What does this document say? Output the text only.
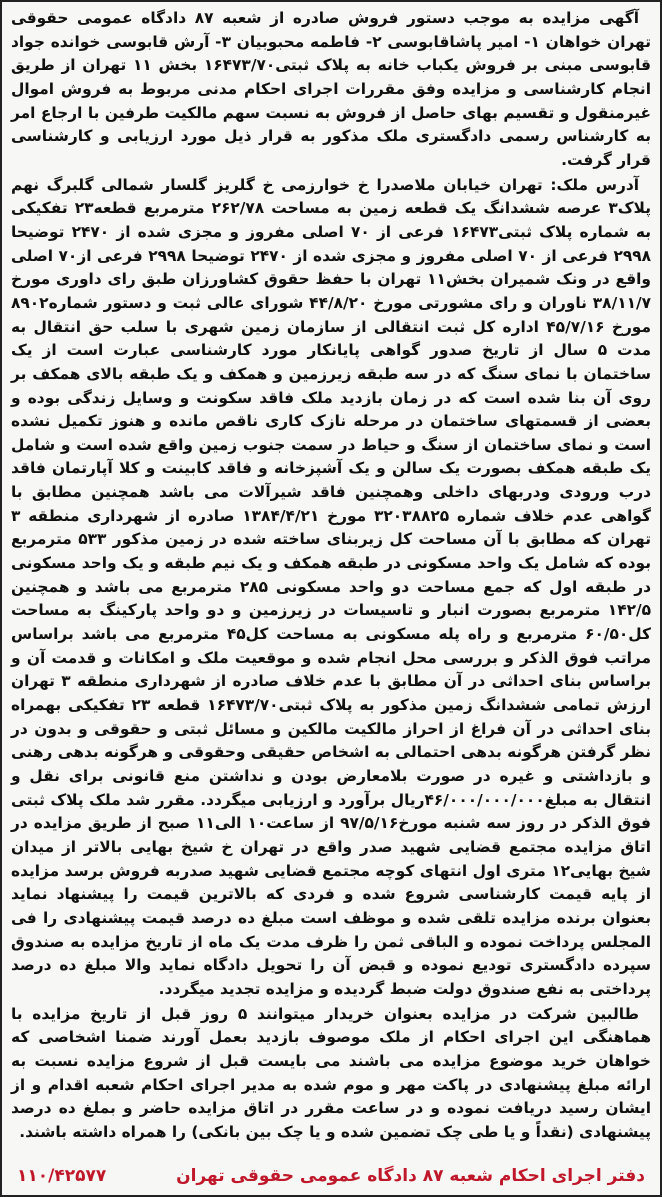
آگهی مزایده به موجب دستور فروش صادره از شعبه ۸۷ دادگاه عمومی حقوقی تهران خواهان ۱- امیر پاشاقابوسی ۲- فاطمه محبوبیان ۳- آرش قابوسی خوانده جواد قابوسی مبنی بر فروش یکباب خانه به پلاک ثبتی۱۶۴۷۳/۷۰ بخش ۱۱ تهران از طریق انجام کارشناسی و مزایده وفق مقررات اجرای احکام مدنی مربوط به فروش اموال غیرمنقول و تقسیم بهای حاصل از فروش به نسبت سهم مالکیت طرفین با ارجاع امر به کارشناس رسمی دادگستری ملک مذکور به قرار ذیل مورد ارزیابی و کارشناسی قرار گرفت.

آدرس ملک: تهران خیابان ملاصدرا خ خوارزمی خ گلریز گلسار شمالی گلبرگ نهم پلاک۳ عرصه ششدانگ یک قطعه زمین به مساحت ۲۶۲/۷۸ مترمربع قطعه۲۳ تفکیکی به شماره پلاک ثبتی۱۶۴۷۳ فرعی از ۷۰ اصلی مفروز و مجزی شده از ۲۴۷۰ توضیحا ۲۹۹۸ فرعی از ۷۰ اصلی مفروز و مجزی شده از ۲۴۷۰ توضیحا ۲۹۹۸ فرعی از۷۰ اصلی واقع در ونک شمیران بخش۱۱ تهران با حفظ حقوق کشاورزان طبق رای داوری مورخ ۳۸/۱۱/۷ ناوران و رای مشورتی مورخ ۴۴/۸/۲۰ شورای عالی ثبت و دستور شماره۸۹۰۲ مورخ ۴۵/۷/۱۶ اداره کل ثبت انتقالی از سازمان زمین شهری با سلب حق انتقال به مدت ۵ سال از تاریخ صدور گواهی پایانکار مورد کارشناسی عبارت است از یک ساختمان با نمای سنگ که در سه طبقه زیرزمین و همکف و یک طبقه بالای همکف بر روی آن بنا شده است که در زمان بازدید ملک فاقد سکونت و وسایل زندگی بوده و بعضی از قسمتهای ساختمان در مرحله نازک کاری ناقص مانده و هنوز تکمیل نشده است و نمای ساختمان از سنگ و حیاط در سمت جنوب زمین واقع شده است و شامل یک طبقه همکف بصورت یک سالن و یک آشپزخانه و فاقد کابینت و کلا آپارتمان فاقد درب ورودی ودربهای داخلی وهمچنین فاقد شیرآلات می باشد همچنین مطابق با گواهی عدم خلاف شماره ۳۲۰۳۸۸۲۵ مورخ ۱۳۸۴/۴/۲۱ صادره از شهرداری منطقه ۳ تهران که مطابق با آن مساحت کل زیربنای ساخته شده در زمین مذکور ۵۳۳ مترمربع بوده که شامل یک واحد مسکونی در طبقه همکف و یک نیم طبقه و یک واحد مسکونی در طبقه اول که جمع مساحت دو واحد مسکونی ۲۸۵ مترمربع می باشد و همچنین ۱۴۲/۵ مترمربع بصورت انبار و تاسیسات در زیرزمین و دو واحد پارکینگ به مساحت کل۶۰/۵۰ مترمربع و راه پله مسکونی به مساحت کل۴۵ مترمربع می باشد براساس مراتب فوق الذکر و بررسی محل انجام شده و موقعیت ملک و امکانات و قدمت آن و براساس بنای احداثی در آن مطابق با عدم خلاف صادره از شهرداری منطقه ۳ تهران ارزش تمامی ششدانگ زمین مذکور به پلاک ثبتی۱۶۴۷۳/۷۰ قطعه ۲۳ تفکیکی بهمراه بنای احداثی در آن فراغ از احراز مالکیت مالکین و مسائل ثبتی و حقوقی و بدون در نظر گرفتن هرگونه بدهی احتمالی به اشخاص حقیقی وحقوقی و هرگونه بدهی رهنی و بازداشتی و غیره در صورت بلامعارض بودن و نداشتن منع قانونی برای نقل و انتقال به مبلغ۴۶/۰۰۰/۰۰۰/۰۰۰ریال برآورد و ارزیابی میگردد. مقرر شد ملک پلاک ثبتی فوق الذکر در روز سه شنبه مورخ۹۷/۵/۱۶ از ساعت۱۰ الی۱۱ صبح از طریق مزایده در اتاق مزایده مجتمع قضایی شهید صدر واقع در تهران خ شیخ بهایی بالاتر از میدان شیخ بهایی۱۲ متری اول انتهای کوچه مجتمع قضایی شهید صدربه فروش برسد مزایده از پایه قیمت کارشناسی شروع شده و فردی که بالاترین قیمت را پیشنهاد نماید بعنوان برنده مزایده تلقی شده و موظف است مبلغ ده درصد قیمت پیشنهادی را فی المجلس پرداخت نموده و الباقی ثمن را ظرف مدت یک ماه از تاریخ مزایده به صندوق سپرده دادگستری تودیع نموده و قبض آن را تحویل دادگاه نماید والا مبلغ ده درصد پرداختی به نفع صندوق دولت ضبط گردیده و مزایده تجدید میگردد.

طالبین شرکت در مزایده بعنوان خریدار میتوانند ۵ روز قبل از تاریخ مزایده با هماهنگی این اجرای احکام از ملک موصوف بازدید بعمل آورند ضمنا اشخاصی که خواهان خرید موضوع مزایده می باشند می بایست قبل از شروع مزایده نسبت به ارائه مبلغ پیشنهادی در پاکت مهر و موم شده به مدیر اجرای احکام شعبه اقدام و از ایشان رسید دریافت نموده و در ساعت مقرر در اتاق مزایده حاضر و بملغ ده درصد پیشنهادی (نقداً و یا طی چک تضمین شده و یا چک بین بانکی) را همراه داشته باشند.

دفتر اجرای احکام شعبه ۸۷ دادگاه عمومی حقوقی تهران
۱۱۰/۴۲۵۷۷
